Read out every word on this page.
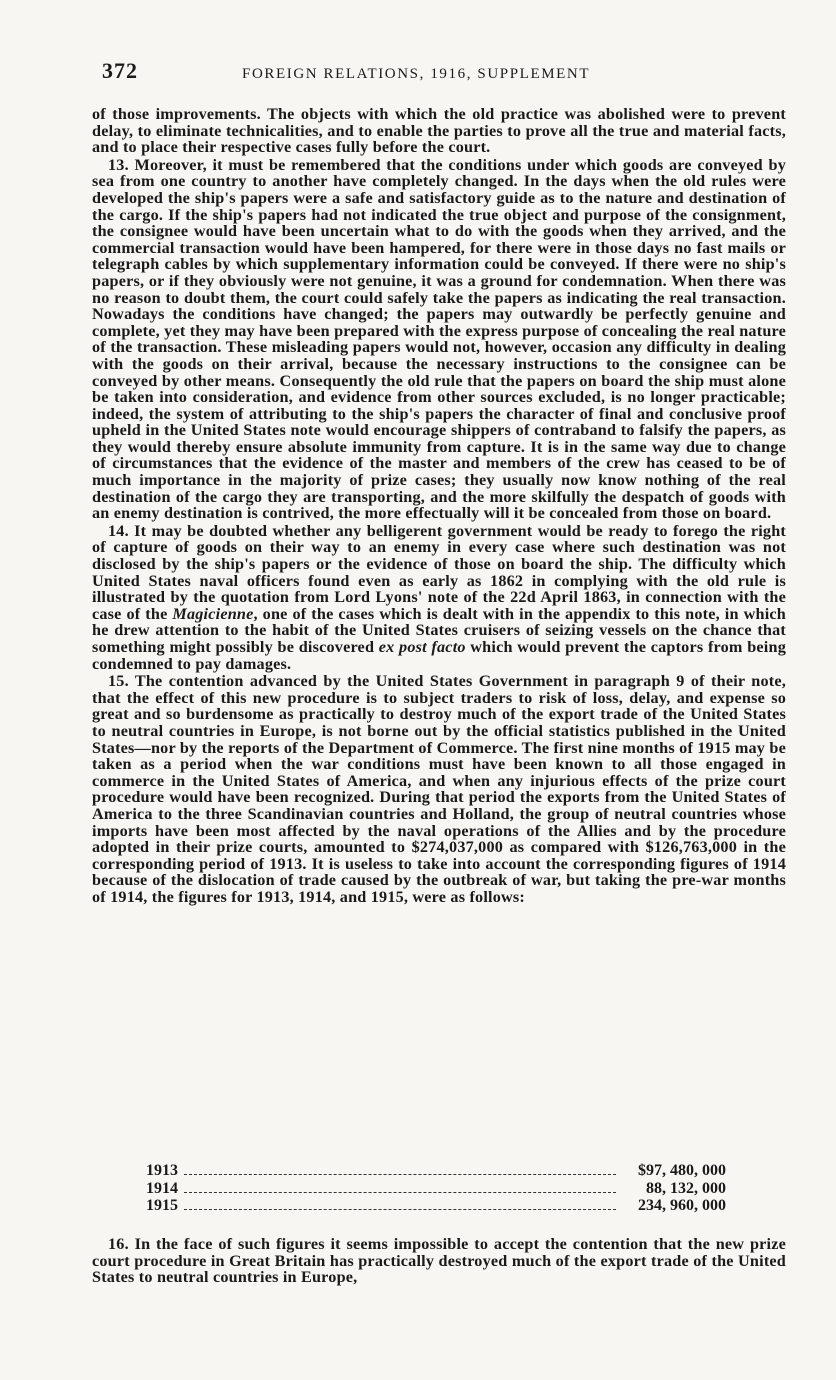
372	FOREIGN RELATIONS, 1916, SUPPLEMENT

of those improvements. The objects with which the old practice was abolished were to prevent delay, to eliminate technicalities, and to enable the parties to prove all the true and material facts, and to place their respective cases fully before the court.

13. Moreover, it must be remembered that the conditions under which goods are conveyed by sea from one country to another have completely changed. In the days when the old rules were developed the ship's papers were a safe and satisfactory guide as to the nature and destination of the cargo. If the ship's papers had not indicated the true object and purpose of the consignment, the consignee would have been uncertain what to do with the goods when they arrived, and the commercial transaction would have been hampered, for there were in those days no fast mails or telegraph cables by which supplementary information could be conveyed. If there were no ship's papers, or if they obviously were not genuine, it was a ground for condemnation. When there was no reason to doubt them, the court could safely take the papers as indicating the real transaction. Nowadays the conditions have changed; the papers may outwardly be perfectly genuine and complete, yet they may have been prepared with the express purpose of concealing the real nature of the transaction. These misleading papers would not, however, occasion any difficulty in dealing with the goods on their arrival, because the necessary instructions to the consignee can be conveyed by other means. Consequently the old rule that the papers on board the ship must alone be taken into consideration, and evidence from other sources excluded, is no longer practicable; indeed, the system of attributing to the ship's papers the character of final and conclusive proof upheld in the United States note would encourage shippers of contraband to falsify the papers, as they would thereby ensure absolute immunity from capture. It is in the same way due to change of circumstances that the evidence of the master and members of the crew has ceased to be of much importance in the majority of prize cases; they usually now know nothing of the real destination of the cargo they are transporting, and the more skilfully the despatch of goods with an enemy destination is contrived, the more effectually will it be concealed from those on board.

14. It may be doubted whether any belligerent government would be ready to forego the right of capture of goods on their way to an enemy in every case where such destination was not disclosed by the ship's papers or the evidence of those on board the ship. The difficulty which United States naval officers found even as early as 1862 in complying with the old rule is illustrated by the quotation from Lord Lyons' note of the 22d April 1863, in connection with the case of the Magicienne, one of the cases which is dealt with in the appendix to this note, in which he drew attention to the habit of the United States cruisers of seizing vessels on the chance that something might possibly be discovered ex post facto which would prevent the captors from being condemned to pay damages.

15. The contention advanced by the United States Government in paragraph 9 of their note, that the effect of this new procedure is to subject traders to risk of loss, delay, and expense so great and so burdensome as practically to destroy much of the export trade of the United States to neutral countries in Europe, is not borne out by the official statistics published in the United States—nor by the reports of the Department of Commerce. The first nine months of 1915 may be taken as a period when the war conditions must have been known to all those engaged in commerce in the United States of America, and when any injurious effects of the prize court procedure would have been recognized. During that period the exports from the United States of America to the three Scandinavian countries and Holland, the group of neutral countries whose imports have been most affected by the naval operations of the Allies and by the procedure adopted in their prize courts, amounted to $274,037,000 as compared with $126,763,000 in the corresponding period of 1913. It is useless to take into account the corresponding figures of 1914 because of the dislocation of trade caused by the outbreak of war, but taking the pre-war months of 1914, the figures for 1913, 1914, and 1915, were as follows:

1913	$97, 480, 000
1914	88, 132, 000
1915	234, 960, 000

16. In the face of such figures it seems impossible to accept the contention that the new prize court procedure in Great Britain has practically destroyed much of the export trade of the United States to neutral countries in Europe,
